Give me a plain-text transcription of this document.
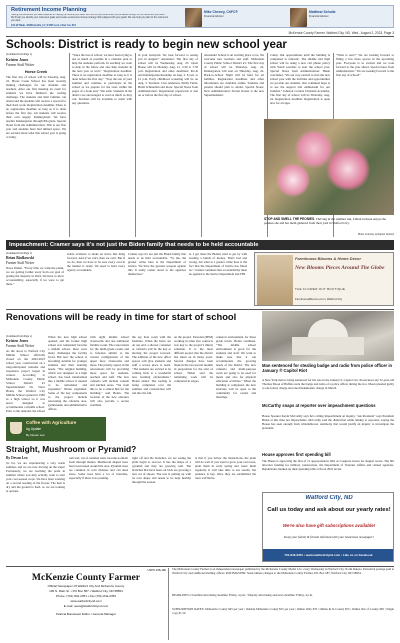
Retirement Income Planning
Having the retirement you want depends on having the income you need. But how do you know when you've saved enough for the retirement you want? We'll help you identify your retirement goals and create a retirement income strategy that's aligned with your goals. We can help you plan for the retirement you want.
104 W Main, McMinnville | 2 | F1NT.com | Star Ins Prd
Mike Cheney, ChFC®
Financial Advisor
Matthew Schultz
Financial Advisor
McKenzie County Farmer, Watford City, ND, Wed., August 2, 2023, Page 3
Schools: District is ready to begin new school year
(Continued from Page 1)
Kristen Jones
Farmer Staff Writer
Horse Creek
The first day of school will be Tuesday, Aug. 22. Horse Creek School has been recently making challenges for our students and teachers. After our first meeting an event for students we have finalized the roofing challenge. The students and their families can attend and the students will receive a reward for their hard work. Registration deadline: There is no registration deadline as long as it is done before the first day. All students will receive their own supply. Kindergarten: We have teacher Kindergarten through 8th grade. Special Notes from the Administration: This is our first year and students have had limited space. We are excited about what this school year is going to bring.
"Since the last of school, we have been trying to use as much as possible in a calendar plan to help the students perform. In teaching we want to help in the future and also help students in the next year as well." "Registration deadline: There is no registration deadline as long as it is done before the first day." "Stop the rest of your summer and continue to participate in the school as we prepare for the rates within the pages of a book and," She adds. Students in the district are encouraged to read as much as they can. Teachers will be available to assist with any questions.
in your backyard. We look forward to seeing you in August!" Alexander: The first day of school will be Wednesday, Aug. 23. Open House will be Monday, Aug. 21, 5:30 to 7:30 p.m. Registration and other deadlines: Pre-K and Kindergarten Roundup on Aug. 2. 8 a.m. to 12 p.m. Early childhood screening will be on Aug. 3. Teachers: Cleo Anderson, Emily Tuttle, Heidi Schnuellen and more. Special Notes from Administration: Registration paperwork is due on or before the first day of school.
Alexander School is an exciting place to be. We welcome new teachers and staff. McKenzie County Public School District #1. The first day of school will be Thursday, Aug. 24. Kindergarten will start on Thursday, Aug. 24. Back-to-School Night will be held for all families. Registration deadlines and other information are available online. Students and parents should plan to attend. Special Notes: New Administration: Steven Kaiser is the new Superintendent.
Camp: Our opportunities until the building is completed is fantastic. The middle and high school will be using a new cell phone policy with Yondr pouches to start the school year. Special Notes from Administration: Helen concluded, "We are very excited to start the new school year with the facilities and opportunities we provide our students. Our continued hope is to see the support and enthusiasm for our students." Johnson Corners Christian Academy: The first day of school will be Thursday, Aug. 24. Registration deadline: Registration is open now for all ages.
"What is new?" We are looking forward to filling a few more spaces in the upcoming year. Everyone is so excited and we look forward to the year ahead. Special notes from administration: "We are looking forward to the first day of school!"
STOP AND SMELL THE PEONIES. Thriving in the summer sun, Lillian Jackson enjoys the peonies she and her mom gathered from their yard in Watford City.
Photo Courtesy of Kaylan Jackson
Impeachment: Cramer says it's not just the Biden family that needs to be held accountable
(Continued from Page 1)
Brian Bialkowski
Farmer Staff Writer
News Ibiden. "Every time we walk the plank, we are getting farther away from our goal of getting the majority in 2024. We have to show accountability, especially if we were to get there."
stable evidence to make an move this thing forward. And if we can't, then we can't. But if we do, then we have to be sure every card in the market is ready. We need to hold every agency accountable.
Cramer says it's not just the Biden family that needs to be held accountable. "To me, the greater crime here is the Department of Justice. We have the greatest weapon against this. It really comes down to the agencies themselves."
is. I got there the Bidens tried to get by with stealing a bunch of money. That's bad and wrong, but what is a greater crime here is the fact that the Department of Justice has failed us." Cramer continues that accountability must be applied to the Justice Department and FBI.
Farmhouse Blooms & Home Decor
New Blooms Pieces Around The Globe
THE FLOWER OUT BOUTIQUE
FarmhouseBlooms.com | Watford City
Renovations will be ready in time for start of school
(Continued from Page 1)
Kristen Jones
Farmer Staff Writer
As the doors to Watford City Middle School officially closed on the 2022-2023 school year, construction on a long-anticipated remodel and expansion project began in earnest. According to McKenzie County Public School District #1 Superintendent Dr. Steve Holen, the Watford City Middle School opened in 1985 as a high school so it was never designed to accommodate a middle school. Prior to the remodel, the school
When the new high school opened, and the former high school was completely become a middle school, there were many challenges the facility faced. But now the school is becoming suitable for younger students and their learning needs. "The original building, which was designed as a high school, has been transformed into a middle school. It needed to be remodeled and expanded," Holen explained. Some of the key components to the project include renovating the cafeteria area, gymnasium, and administrative offices.
with eight middle school classrooms and one additional flexible room. The renovations for the multi-grade rooms and to function similar to the current configuration of the upper floor classrooms and more. The priority aspect in the renovations will be providing more space for students, teachers and staff. The new cafeteria will include content and kitchen areas. "We want this to be a central hub for the building," said Holen. The location of the new entrance will also provide a secure vestibule.
the top hole room with the furniture. When the holes are on our end, a shower container or cafeteria will be the key to moving the project forward. The addition of the new office spaces will give students and staff a secure place to learn. "The students are excited to be coming back to a wonderful new learning environment," Holen added. The roofing is being completed over the summer and construction will run into the fall.
on the project. Personal (PEM) working in other size contracts was key to the project's timely schedule. It is the most difficult project that the district has taken on in many years. Several changes have been made in the last several months in preparation for the start of school. Holen said the remaining work will be completed in stages.
centered environment for these grade levels. Holen continues, "The middle school environment is good for the students and staff. We want to make sure that it can accommodate the growing needs of the district. The new cafeteria and multi-purpose room are going to be used for meals and also for physical education activities." When the building is completed, the new structure will be open to the community for events and meetings.
Coffee with Agriculture
Ag Update
By Devan Leo
Straight, Mushroom or Pyramid?
By Devan Leo
So far, we are experiencing a very warm summer, and we are now moving on the steps! Fortunately, we are reaching the point in summer where you may actually want to start your cool-season crops. We have been working on a second seeding of the flower. The heat is dry and the ground is hard, so we are looking at options.
tom leaf, cut of rounded stem, become dormant form through mature. Mushroom shaped trees have been noted around the area. Pyramid trees are common in cold climates and can shed snow. Some trees have a lot of branches, especially if there is no pruning.
right off and the branches, we are seeing the plant begin to recover. It has the shape of a pyramid and they are growing well. The branches that have been cut back are growing a new set of shoots. The tree is putting up with its own shape and needs to be kept healthy through the season.
is that if you follow the instructions, the plant will do well. If you want to grow your own trees, plant them in early spring and water them regularly. It will take time to see results, but patience is key. Once they are established the trees will thrive.
Man sentenced for stealing badge and radio from police officer in January ® Capitol Riot
A New York man is being sentenced for his role in the January 6, Capitol riot. Prosecutors say 52-year-old Thomas Moon of Buffalo stole the badge and radio of a police officer during the riot. Moon pleaded guilty to one felony charge and one misdemeanor charge in March.
McCarthy snaps at reporter over impeachment questions
House Speaker Kevin McCarthy says he's calling impeachment an inquiry. "ask President" says President Biden at this time not impeachable. McCarthy said the distinction while talking to reporters, saying the House has seen enough from whistleblower testimony that would justify an inquiry to investigate the president.
House approves first spending bill
The House is approving the first of 12 appropriations bills as Congress leaves for August recess. The bill allocates funding for military construction, the Department of Veterans Affairs and related agencies. Republicans marked up their spending bills at fiscal 2022 levels.
Watford City, ND
Call us today and ask about our yearly rates!
We're also have gift subscriptions available!
Keep your family & friends informed with your hometown newspaper!
701-842-2351 • www.watfordcitynd.com • Like us on Facebook
USPS 338-180
McKenzie County Farmer
Official Newspaper Of Watford City And McKenzie County
105 N. Main St. • PO Box 587 • Watford City, ND 58854
Phone: (701) 842-2351 • Fax (701) 842-2353
www.watfordcitynd.com
E-mail: news@watfordcitynd.com
Patricia Bumstead, Editor • General Manager
The McKenzie County Farmer is an independent newspaper published by the McKenzie County Media LLC every Wednesday in Watford City, North Dakota. Periodical postage paid at Watford City and additional mailing offices. POSTMASTER: Send address changes to the McKenzie County Farmer, PO. Box 587, Watford City, ND 58854.
DEADLINES: Classified advertising deadline: Friday, 4 p.m. • Display advertising and news deadline: Friday, 4 p.m.
SUBSCRIPTION RATES: McKenzie County $45 per year | Outside McKenzie County $55 per year | Online Only $35 | Online & In County $55 | Online Out of County $65 | Single copy $1.50
